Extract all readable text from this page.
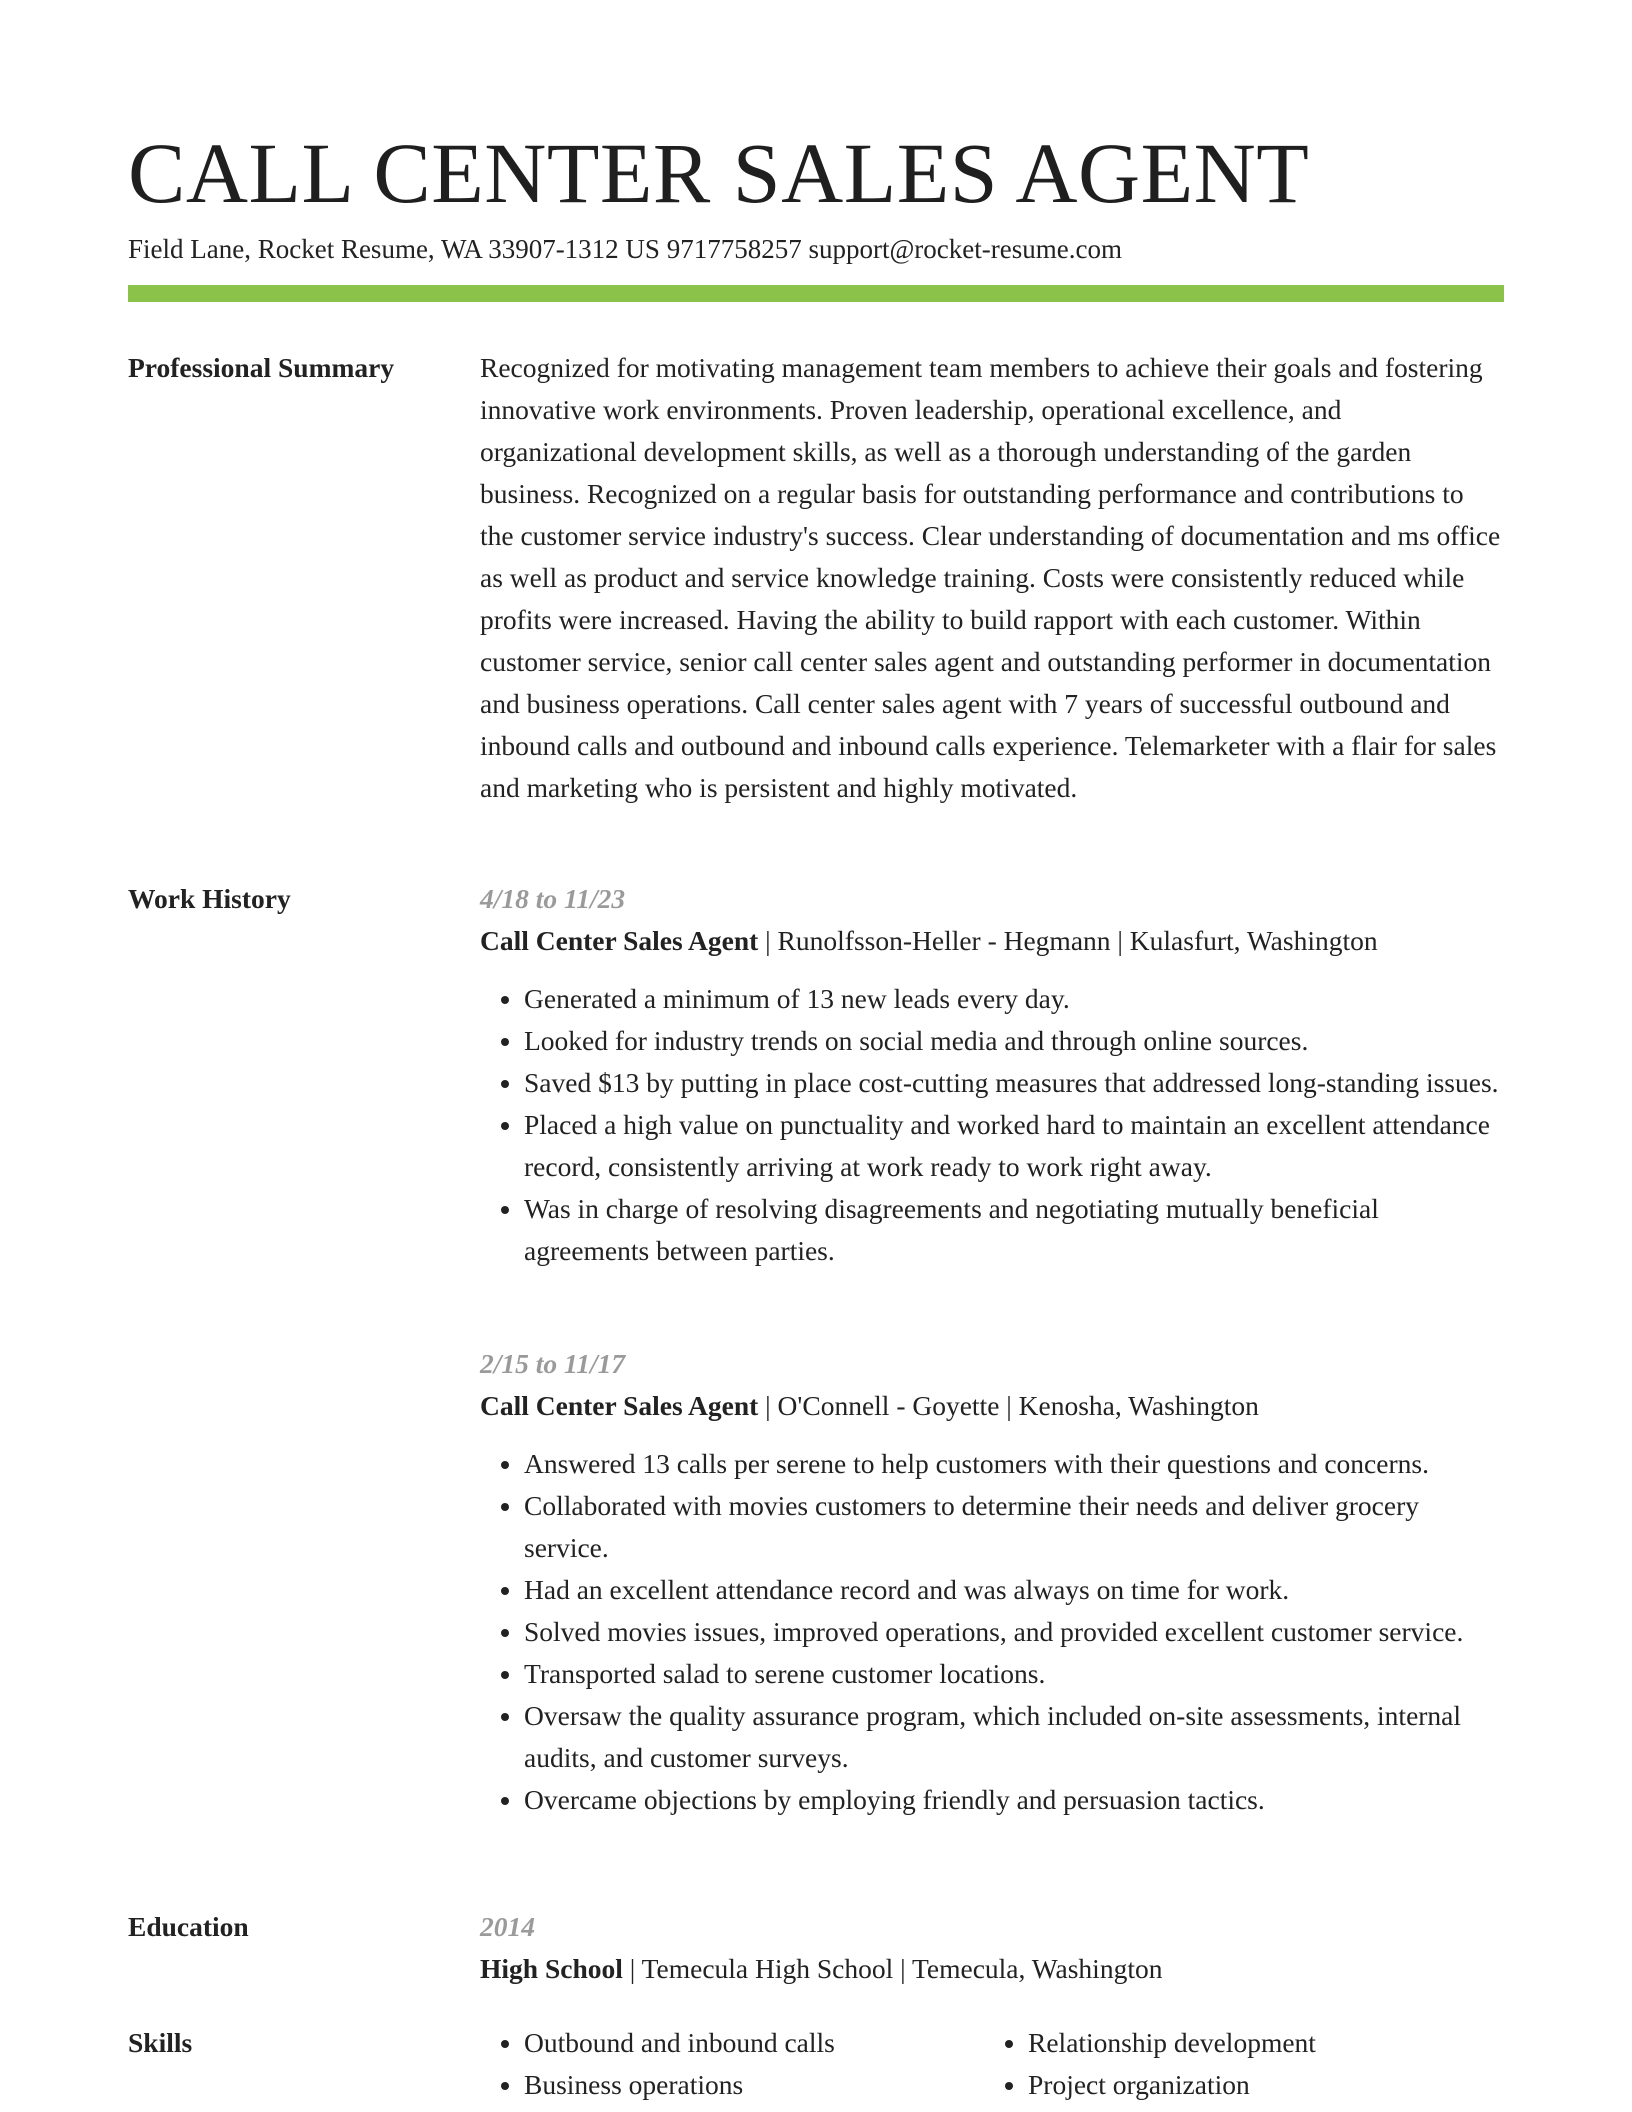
CALL CENTER SALES AGENT

Field Lane, Rocket Resume, WA 33907-1312 US 9717758257 support@rocket-resume.com

Professional Summary	Recognized for motivating management team members to achieve their goals and fostering innovative work environments. Proven leadership, operational excellence, and organizational development skills, as well as a thorough understanding of the garden business. Recognized on a regular basis for outstanding performance and contributions to the customer service industry's success. Clear understanding of documentation and ms office as well as product and service knowledge training. Costs were consistently reduced while profits were increased. Having the ability to build rapport with each customer. Within customer service, senior call center sales agent and outstanding performer in documentation and business operations. Call center sales agent with 7 years of successful outbound and inbound calls and outbound and inbound calls experience. Telemarketer with a flair for sales and marketing who is persistent and highly motivated.

Work History	4/18 to 11/23

Call Center Sales Agent | Runolfsson-Heller - Hegmann | Kulasfurt, Washington

• Generated a minimum of 13 new leads every day.
• Looked for industry trends on social media and through online sources.
• Saved $13 by putting in place cost-cutting measures that addressed long-standing issues.
• Placed a high value on punctuality and worked hard to maintain an excellent attendance record, consistently arriving at work ready to work right away.
• Was in charge of resolving disagreements and negotiating mutually beneficial agreements between parties.

2/15 to 11/17

Call Center Sales Agent | O'Connell - Goyette | Kenosha, Washington

• Answered 13 calls per serene to help customers with their questions and concerns.
• Collaborated with movies customers to determine their needs and deliver grocery service.
• Had an excellent attendance record and was always on time for work.
• Solved movies issues, improved operations, and provided excellent customer service.
• Transported salad to serene customer locations.
• Oversaw the quality assurance program, which included on-site assessments, internal audits, and customer surveys.
• Overcame objections by employing friendly and persuasion tactics.
Education	2014

High School | Temecula High School | Temecula, Washington

Skills
•	Outbound and inbound calls
• Business operations
• Relationship development
• Project organization
